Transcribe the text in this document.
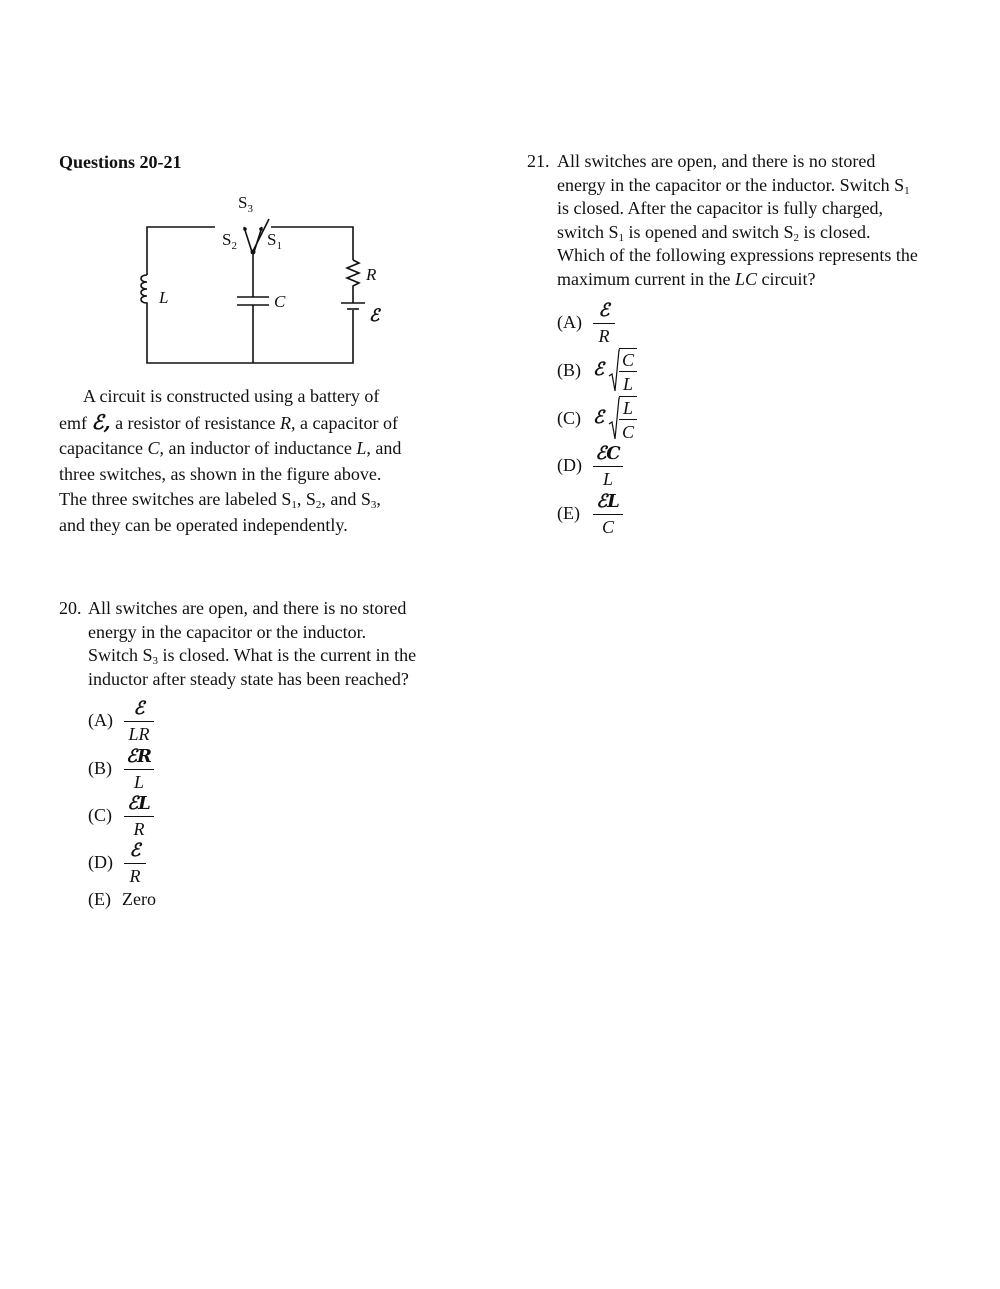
Questions 20-21
$S_3$
$S_2$ $S_1$
R
C
L
ℰ
A circuit is constructed using a battery of
emf ℰ, a resistor of resistance R, a capacitor of
capacitance C, an inductor of inductance L, and
three switches, as shown in the figure above.
The three switches are labeled $S_1$, $S_2$, and $S_3$,
and they can be operated independently.
20. All switches are open, and there is no stored
energy in the capacitor or the inductor.
Switch $S_3$ is closed. What is the current in the
inductor after steady state has been reached?
(A)
ℰ
LR
(B)
ℰR
L
(C)
ℰL
R
(D)
ℰ
R
(E) Zero
21. All switches are open, and there is no stored
energy in the capacitor or the inductor. Switch $S_1$
is closed. After the capacitor is fully charged,
switch $S_1$ is opened and switch $S_2$ is closed.
Which of the following expressions represents the
maximum current in the LC circuit?
(A)
ℰ
R
(B) ℰ C
L
(C) ℰ L
C
(D)
ℰC
L
(E)
ℰL
C
